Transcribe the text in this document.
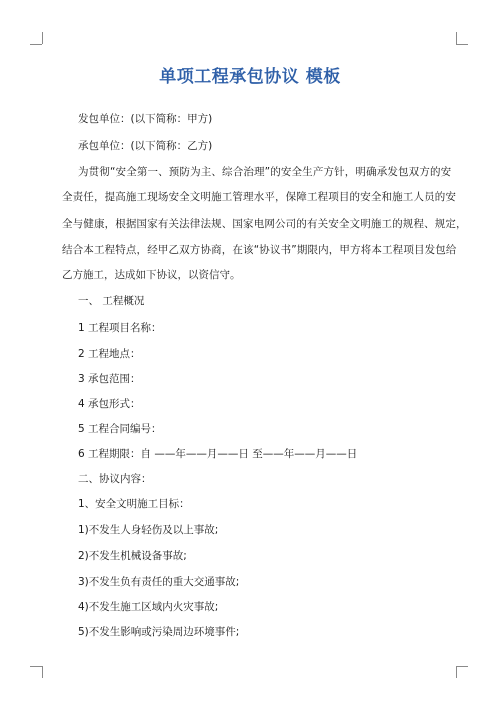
单项工程承包协议 模板
发包单位：(以下简称：甲方)
承包单位：(以下简称：乙方)
为贯彻“安全第一、预防为主、综合治理”的安全生产方针，明确承发包双方的安
全责任，提高施工现场安全文明施工管理水平，保障工程项目的安全和施工人员的安
全与健康，根据国家有关法律法规、国家电网公司的有关安全文明施工的规程、规定，
结合本工程特点，经甲乙双方协商，在该“协议书”期限内，甲方将本工程项目发包给
乙方施工，达成如下协议，以资信守。
一、 工程概况
1 工程项目名称：
2 工程地点：
3 承包范围：
4 承包形式：
5 工程合同编号：
6 工程期限：自 ——年——月——日 至——年——月——日
二、协议内容：
1、安全文明施工目标：
1)不发生人身轻伤及以上事故;
2)不发生机械设备事故;
3)不发生负有责任的重大交通事故;
4)不发生施工区域内火灾事故;
5)不发生影响或污染周边环境事件;
